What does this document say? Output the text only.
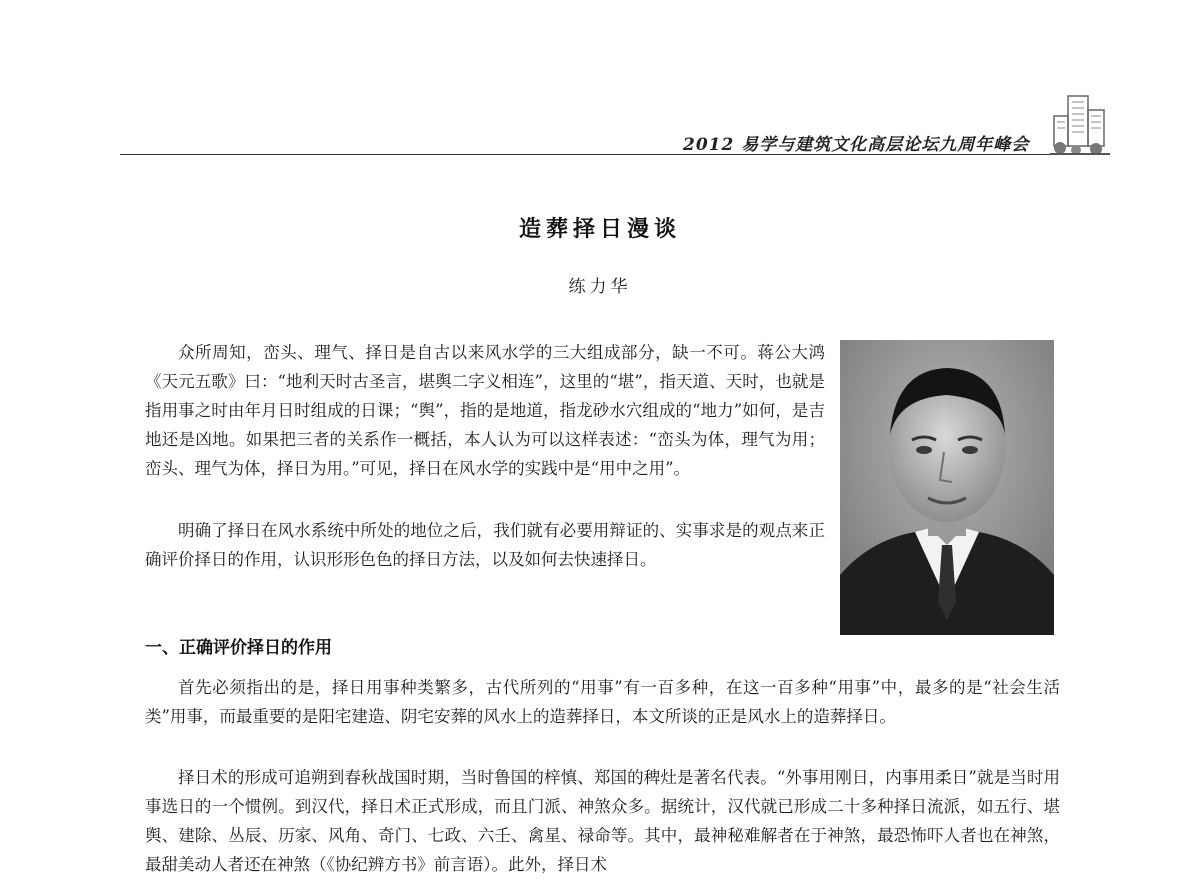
2012 易学与建筑文化高层论坛九周年峰会
造葬择日漫谈
练力华

众所周知，峦头、理气、择日是自古以来风水学的三大组成部分，缺一不可。蒋公大鸿《天元五歌》曰：“地利天时古圣言，堪舆二字义相连”，这里的“堪”，指天道、天时，也就是指用事之时由年月日时组成的日课；“舆”，指的是地道，指龙砂水穴组成的“地力”如何，是吉地还是凶地。如果把三者的关系作一概括，本人认为可以这样表述：“峦头为体，理气为用；峦头、理气为体，择日为用。”可见，择日在风水学的实践中是“用中之用”。

明确了择日在风水系统中所处的地位之后，我们就有必要用辩证的、实事求是的观点来正确评价择日的作用，认识形形色色的择日方法，以及如何去快速择日。

一、正确评价择日的作用

首先必须指出的是，择日用事种类繁多，古代所列的“用事”有一百多种，在这一百多种“用事”中，最多的是“社会生活类”用事，而最重要的是阳宅建造、阴宅安葬的风水上的造葬择日，本文所谈的正是风水上的造葬择日。

择日术的形成可追朔到春秋战国时期，当时鲁国的梓慎、郑国的稗灶是著名代表。“外事用刚日，内事用柔日”就是当时用事选日的一个惯例。到汉代，择日术正式形成，而且门派、神煞众多。据统计，汉代就已形成二十多种择日流派，如五行、堪舆、建除、丛辰、历家、风角、奇门、七政、六壬、禽星、禄命等。其中，最神秘难解者在于神煞，最恐怖吓人者也在神煞，最甜美动人者还在神煞（《协纪辨方书》前言语）。此外，择日术
